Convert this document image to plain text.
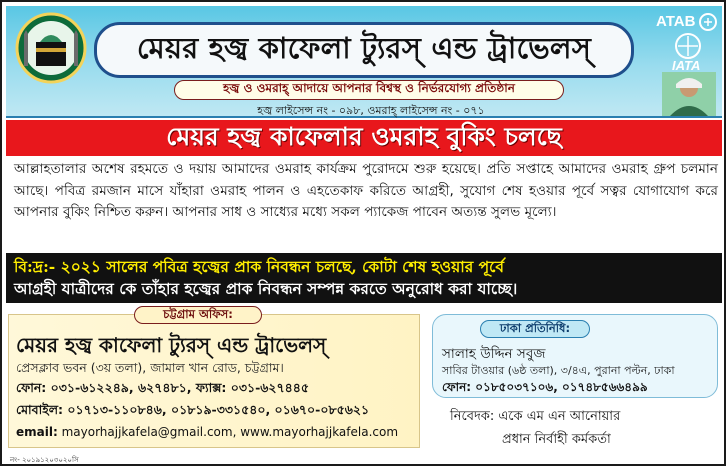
মেয়র হজ্ব কাফেলা ট্যুরস্ এন্ড ট্রাভেলস্
হজ্ব ও ওমরাহ্ আদায়ে আপনার বিশ্বস্থ ও নির্ভরযোগ্য প্রতিষ্ঠান
হজ্ব লাইসেন্স নং - ০৯৮, ওমরাহ্ লাইসেন্স নং - ০৭১
ATAB
IATA
মেয়র হজ্ব কাফেলার ওমরাহ বুকিং চলছে

আল্লাহতালার অশেষ রহমতে ও দয়ায় আমাদের ওমরাহ কার্যক্রম পুরোদমে শুরু হয়েছে। প্রতি সপ্তাহে আমাদের ওমরাহ গ্রুপ চলমান আছে। পবিত্র রমজান মাসে যাঁহারা ওমরাহ পালন ও এহতেকাফ করিতে আগ্রহী, সুযোগ শেষ হওয়ার পূর্বে সত্বর যোগাযোগ করে আপনার বুকিং নিশ্চিত করুন। আপনার সাধ ও সাধ্যের মধ্যে সকল প্যাকেজ পাবেন অত্যন্ত সুলভ মূল্যে।

বি:দ্র:- ২০২১ সালের পবিত্র হজ্বের প্রাক নিবন্ধন চলছে, কোটা শেষ হওয়ার পূর্বে
আগ্রহী যাত্রীদের কে তাঁহার হজ্বের প্রাক নিবন্ধন সম্পন্ন করতে অনুরোধ করা যাচ্ছে।
চট্টগ্রাম অফিস:
মেয়র হজ্ব কাফেলা ট্যুরস্ এন্ড ট্রাভেলস্
প্রেসক্লাব ভবন (৩য় তলা), জামাল খান রোড, চট্টগ্রাম।
ফোন: ০৩১-৬১২২৪৯, ৬২৭৪৮১, ফ্যাক্স: ০৩১-৬২৭৪৪৫
মোবাইল: ০১৭১৩-১১০৮৪৬, ০১৮১৯-৩৩১৫৪০, ০১৬৭০-০৮৫৬২১
email: mayorhajjkafela@gmail.com, www.mayorhajjkafela.com
ঢাকা প্রতিনিধি:
সালাহ উদ্দিন সবুজ
সাবির টাওয়ার (৬ষ্ঠ তলা), ৩/৪এ, পুরানা পল্টন, ঢাকা
ফোন: ০১৮৫০৩৭১০৬, ০১৭৪৮৫৬৬৪৯৯
নিবেদক: একে এম এন আনোয়ার
প্রধান নির্বাহী কর্মকর্তা
নং- ২০১৯১২০৩০২০সি
